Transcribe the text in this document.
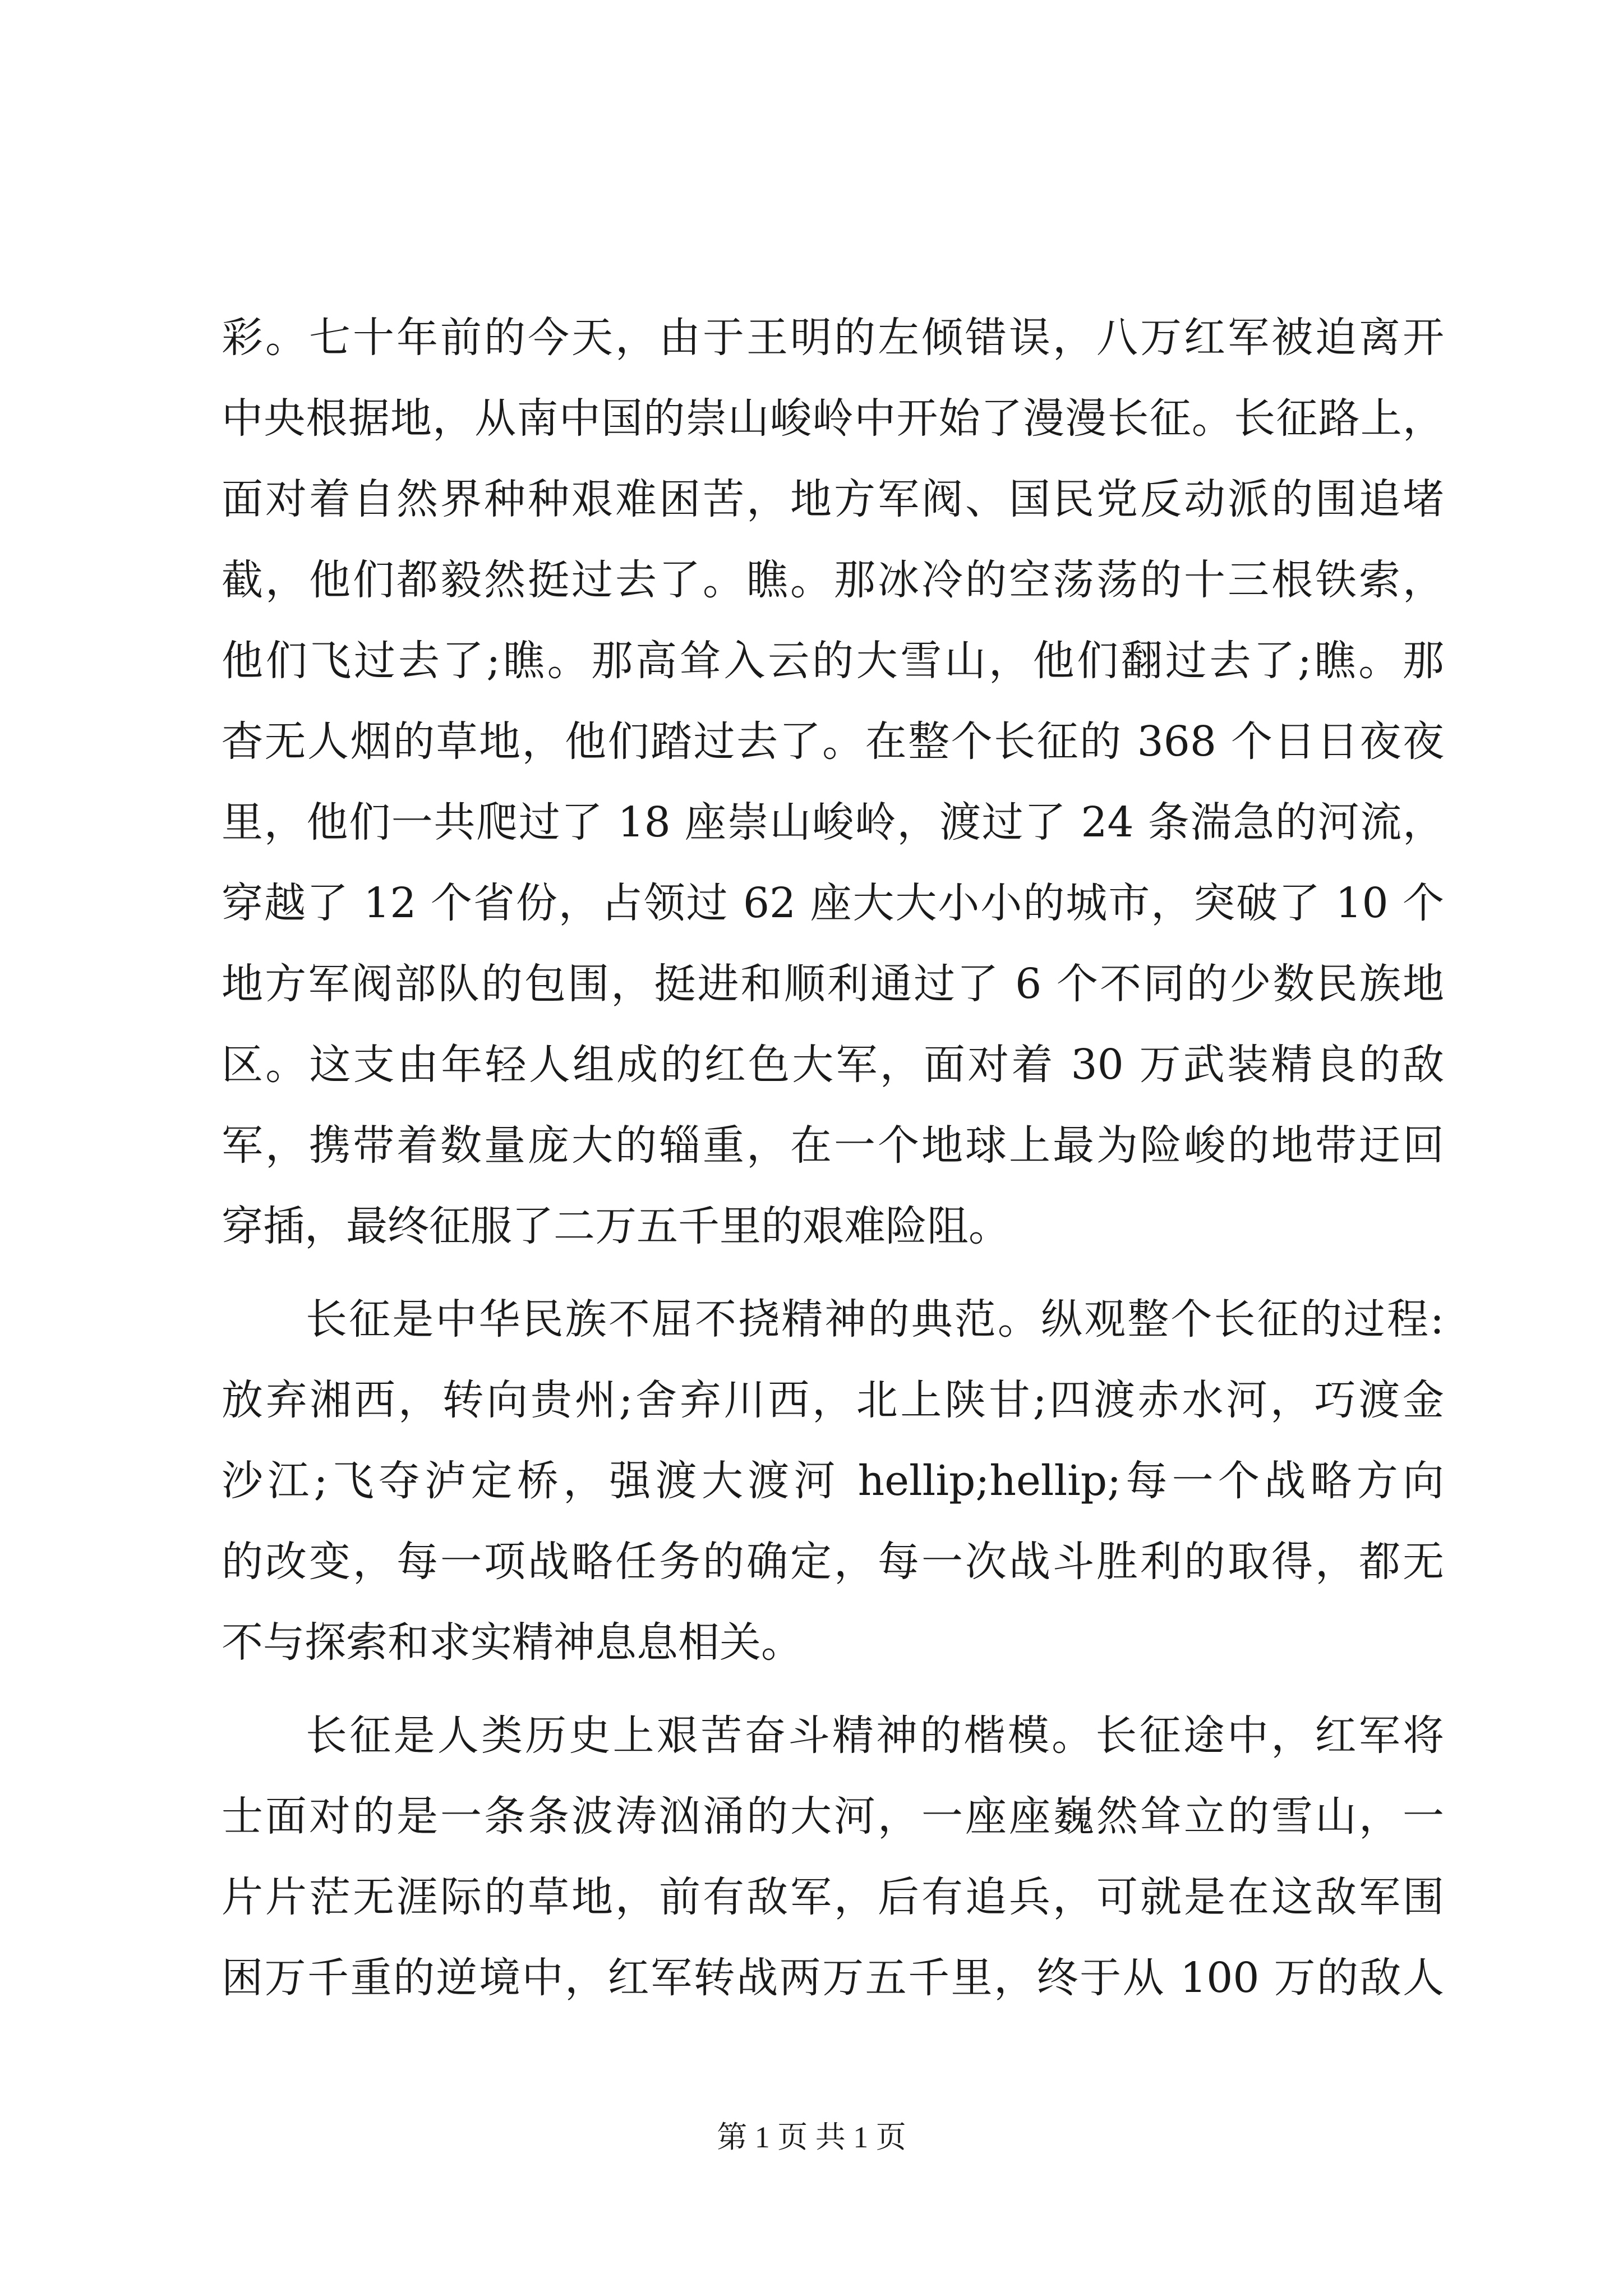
彩。七十年前的今天，由于王明的左倾错误，八万红军被迫离开
中央根据地，从南中国的崇山峻岭中开始了漫漫长征。长征路上，
面对着自然界种种艰难困苦，地方军阀、国民党反动派的围追堵
截，他们都毅然挺过去了。瞧。那冰冷的空荡荡的十三根铁索，
他们飞过去了;瞧。那高耸入云的大雪山，他们翻过去了;瞧。那
杳无人烟的草地，他们踏过去了。在整个长征的 368 个日日夜夜
里，他们一共爬过了 18 座崇山峻岭，渡过了 24 条湍急的河流，
穿越了 12 个省份，占领过 62 座大大小小的城市，突破了 10 个
地方军阀部队的包围，挺进和顺利通过了 6 个不同的少数民族地
区。这支由年轻人组成的红色大军，面对着 30 万武装精良的敌
军，携带着数量庞大的辎重，在一个地球上最为险峻的地带迂回
穿插，最终征服了二万五千里的艰难险阻。
长征是中华民族不屈不挠精神的典范。纵观整个长征的过程:
放弃湘西，转向贵州;舍弃川西，北上陕甘;四渡赤水河，巧渡金
沙江;飞夺泸定桥，强渡大渡河 hellip;hellip;每一个战略方向
的改变，每一项战略任务的确定，每一次战斗胜利的取得，都无
不与探索和求实精神息息相关。
长征是人类历史上艰苦奋斗精神的楷模。长征途中，红军将
士面对的是一条条波涛汹涌的大河，一座座巍然耸立的雪山，一
片片茫无涯际的草地，前有敌军，后有追兵，可就是在这敌军围
困万千重的逆境中，红军转战两万五千里，终于从 100 万的敌人
第 1 页 共 1 页
